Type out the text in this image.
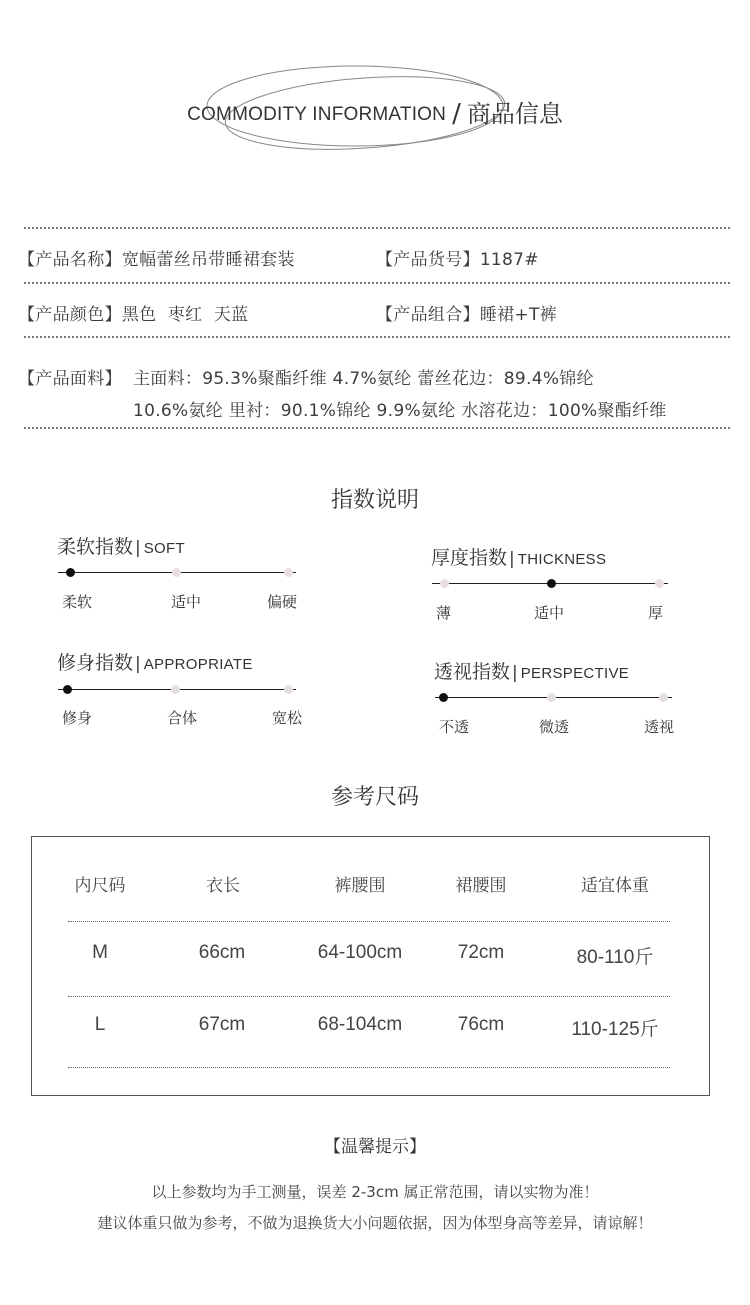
COMMODITY INFORMATION / 商品信息
【产品名称】宽幅蕾丝吊带睡裙套装	【产品货号】1187#
【产品颜色】黑色  枣红  天蓝	【产品组合】睡裙+T裤
【产品面料】 主面料：95.3%聚酯纤维 4.7%氨纶 蕾丝花边：89.4%锦纶
10.6%氨纶 里衬：90.1%锦纶 9.9%氨纶 水溶花边：100%聚酯纤维
指数说明
柔软指数 | SOFT
柔软	适中	偏硬
厚度指数 | THICKNESS
薄	适中	厚
修身指数 | APPROPRIATE
修身	合体	宽松
透视指数 | PERSPECTIVE
不透	微透	透视
参考尺码
内尺码	衣长	裤腰围	裙腰围	适宜体重
M	66cm	64-100cm	72cm	80-110斤
L	67cm	68-104cm	76cm	110-125斤
【温馨提示】
以上参数均为手工测量，误差 2-3cm 属正常范围，请以实物为准！
建议体重只做为参考，不做为退换货大小问题依据，因为体型身高等差异，请谅解！
